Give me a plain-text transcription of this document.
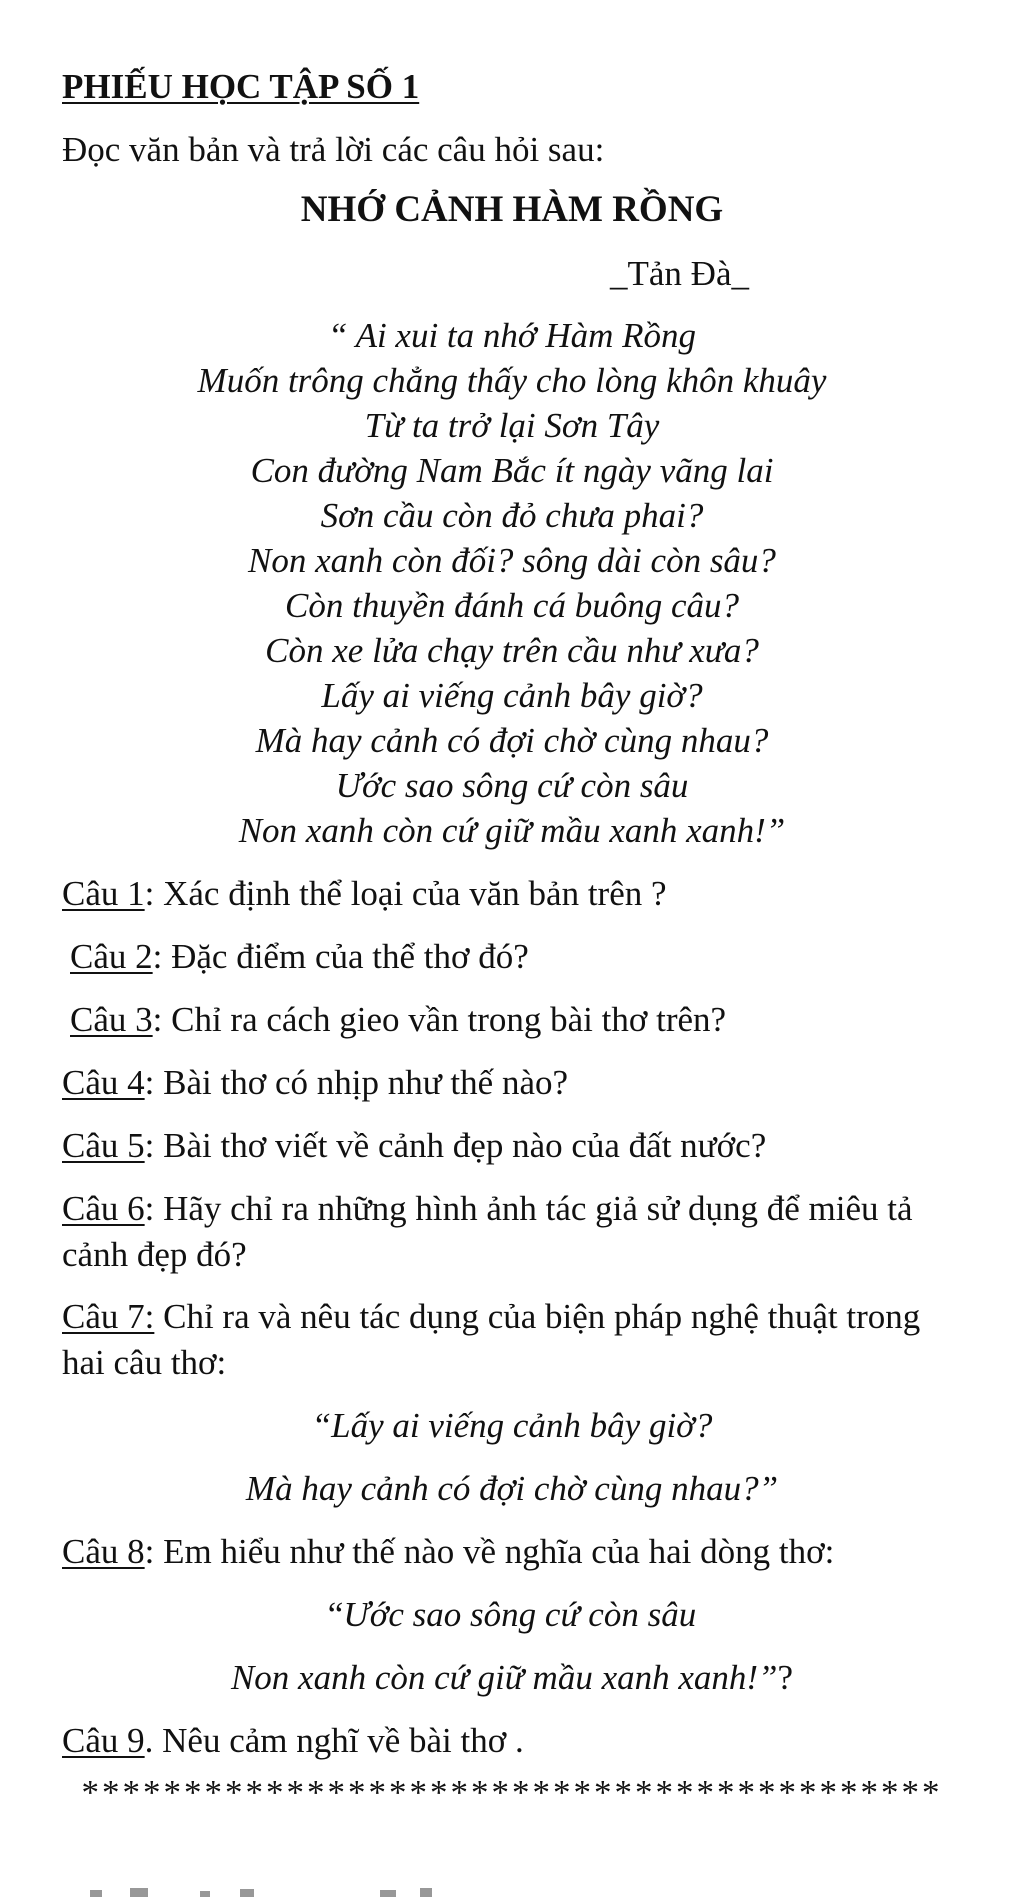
PHIẾU HỌC TẬP SỐ 1
Đọc văn bản và trả lời các câu hỏi sau:
NHỚ CẢNH HÀM RỒNG
_Tản Đà_
“ Ai xui ta nhớ Hàm Rồng
Muốn trông chẳng thấy cho lòng khôn khuây
Từ ta trở lại Sơn Tây
Con đường Nam Bắc ít ngày vãng lai
Sơn cầu còn đỏ chưa phai?
Non xanh còn đối? sông dài còn sâu?
Còn thuyền đánh cá buông câu?
Còn xe lửa chạy trên cầu như xưa?
Lấy ai viếng cảnh bây giờ?
Mà hay cảnh có đợi chờ cùng nhau?
Ước sao sông cứ còn sâu
Non xanh còn cứ giữ mầu xanh xanh!”
Câu 1: Xác định thể loại của văn bản trên ?
Câu 2: Đặc điểm của thể thơ đó?
Câu 3: Chỉ ra cách gieo vần trong bài thơ trên?
Câu 4: Bài thơ có nhịp như thế nào?
Câu 5: Bài thơ viết về cảnh đẹp nào của đất nước?
Câu 6: Hãy chỉ ra những hình ảnh tác giả sử dụng để miêu tả
cảnh đẹp đó?
Câu 7: Chỉ ra và nêu tác dụng của biện pháp nghệ thuật trong
hai câu thơ:
“Lấy ai viếng cảnh bây giờ?
Mà hay cảnh có đợi chờ cùng nhau?”
Câu 8: Em hiểu như thế nào về nghĩa của hai dòng thơ:
“Ước sao sông cứ còn sâu
Non xanh còn cứ giữ mầu xanh xanh!”?
Câu 9. Nêu cảm nghĩ về bài thơ .
******************************************
